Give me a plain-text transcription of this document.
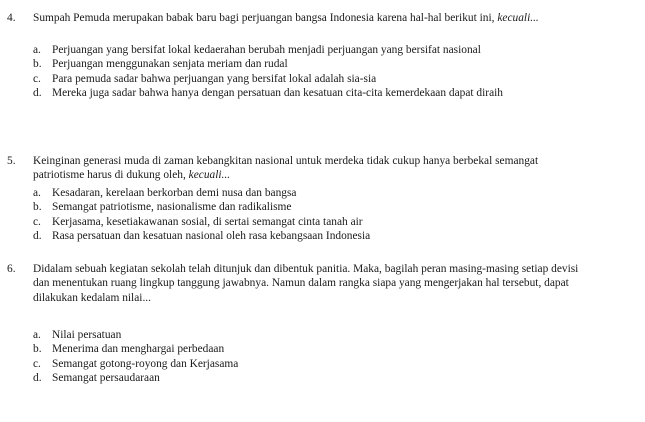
4. Sumpah Pemuda merupakan babak baru bagi perjuangan bangsa Indonesia karena hal-hal berikut ini, kecuali...
a. Perjuangan yang bersifat lokal kedaerahan berubah menjadi perjuangan yang bersifat nasional
b. Perjuangan menggunakan senjata meriam dan rudal
c. Para pemuda sadar bahwa perjuangan yang bersifat lokal adalah sia-sia
d. Mereka juga sadar bahwa hanya dengan persatuan dan kesatuan cita-cita kemerdekaan dapat diraih
5. Keinginan generasi muda di zaman kebangkitan nasional untuk merdeka tidak cukup hanya berbekal semangat patriotisme harus di dukung oleh, kecuali...
a. Kesadaran, kerelaan berkorban demi nusa dan bangsa
b. Semangat patriotisme, nasionalisme dan radikalisme
c. Kerjasama, kesetiakawanan sosial, di sertai semangat cinta tanah air
d. Rasa persatuan dan kesatuan nasional oleh rasa kebangsaan Indonesia
6. Didalam sebuah kegiatan sekolah telah ditunjuk dan dibentuk panitia. Maka, bagilah peran masing-masing setiap devisi dan menentukan ruang lingkup tanggung jawabnya. Namun dalam rangka siapa yang mengerjakan hal tersebut, dapat dilakukan kedalam nilai...
a. Nilai persatuan
b. Menerima dan menghargai perbedaan
c. Semangat gotong-royong dan Kerjasama
d. Semangat persaudaraan
